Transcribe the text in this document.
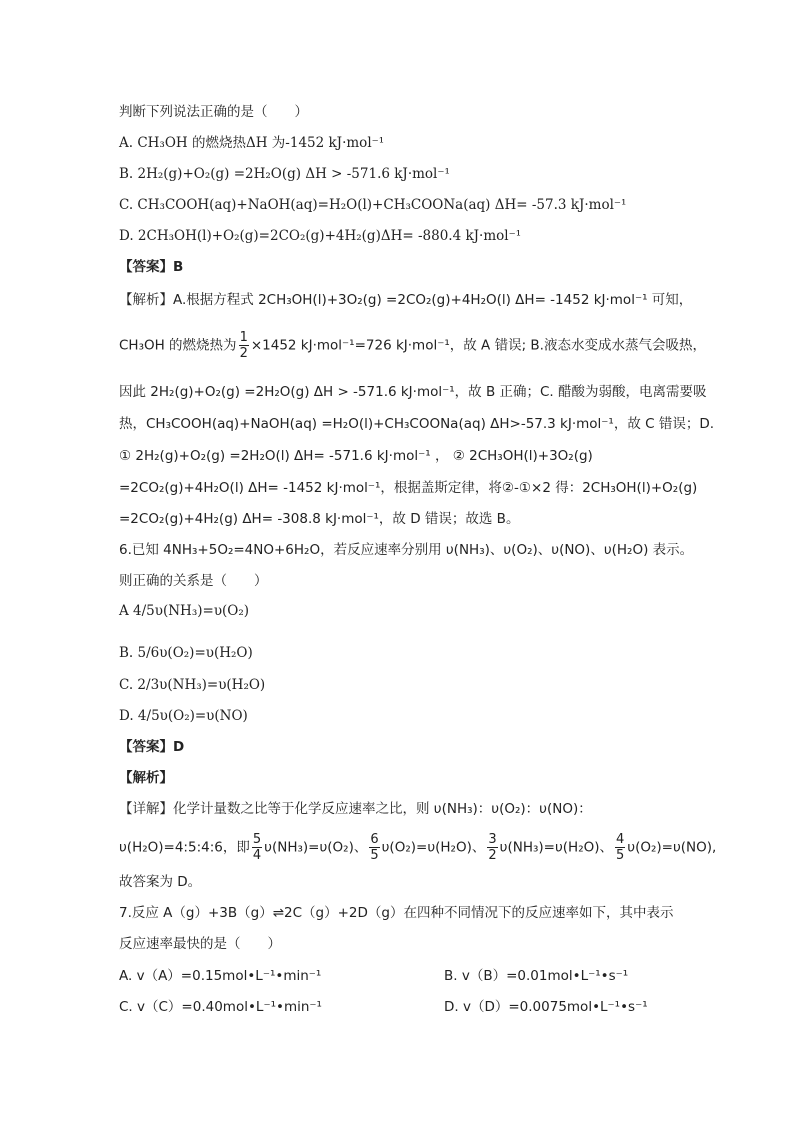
判断下列说法正确的是（　　）
A. CH₃OH 的燃烧热ΔH 为-1452 kJ·mol⁻¹
B. 2H₂(g)+O₂(g) =2H₂O(g) ΔH > -571.6 kJ·mol⁻¹
C. CH₃COOH(aq)+NaOH(aq)=H₂O(l)+CH₃COONa(aq) ΔH= -57.3 kJ·mol⁻¹
D. 2CH₃OH(l)+O₂(g)=2CO₂(g)+4H₂(g)ΔH= -880.4 kJ·mol⁻¹
【答案】B
【解析】A.根据方程式 2CH₃OH(l)+3O₂(g) =2CO₂(g)+4H₂O(l) ΔH= -1452 kJ·mol⁻¹ 可知，
CH₃OH 的燃烧热为 $\frac{1}{2} \times 1452$ kJ·mol⁻¹=726 kJ·mol⁻¹，故 A 错误; B.液态水变成水蒸气会吸热，
因此 2H₂(g)+O₂(g) =2H₂O(g) ΔH > -571.6 kJ·mol⁻¹，故 B 正确；C. 醋酸为弱酸，电离需要吸
热，CH₃COOH(aq)+NaOH(aq) =H₂O(l)+CH₃COONa(aq) ΔH>-57.3 kJ·mol⁻¹，故 C 错误；D.
① 2H₂(g)+O₂(g) =2H₂O(l) ΔH= -571.6 kJ·mol⁻¹ ， ② 2CH₃OH(l)+3O₂(g)
=2CO₂(g)+4H₂O(l) ΔH= -1452 kJ·mol⁻¹，根据盖斯定律，将②-①×2 得：2CH₃OH(l)+O₂(g)
=2CO₂(g)+4H₂(g) ΔH= -308.8 kJ·mol⁻¹，故 D 错误；故选 B。
6.已知 4NH₃+5O₂=4NO+6H₂O，若反应速率分别用 υ(NH₃)、υ(O₂)、υ(NO)、υ(H₂O) 表示。
则正确的关系是（　　）
A 4/5υ(NH₃)=υ(O₂)
B. 5/6υ(O₂)=υ(H₂O)
C. 2/3υ(NH₃)=υ(H₂O)
D. 4/5υ(O₂)=υ(NO)
【答案】D
【解析】
【详解】化学计量数之比等于化学反应速率之比，则 υ(NH₃)：υ(O₂)：υ(NO)：
υ(H₂O)=4:5:4:6，即 $\frac{5}{4} \upsilon(NH_3)=\upsilon(O_2)$、 $\frac{6}{5} \upsilon(O_2)=\upsilon(H_2O)$、 $\frac{3}{2} \upsilon(NH_3)=\upsilon(H_2O)$、 $\frac{4}{5} \upsilon(O_2)=\upsilon(NO)$,
故答案为 D。
7.反应 A（g）+3B（g）⇌2C（g）+2D（g）在四种不同情况下的反应速率如下，其中表示
反应速率最快的是（　　）
A. v（A）=0.15mol•L⁻¹•min⁻¹	B. v（B）=0.01mol•L⁻¹•s⁻¹
C. v（C）=0.40mol•L⁻¹•min⁻¹	D. v（D）=0.0075mol•L⁻¹•s⁻¹
